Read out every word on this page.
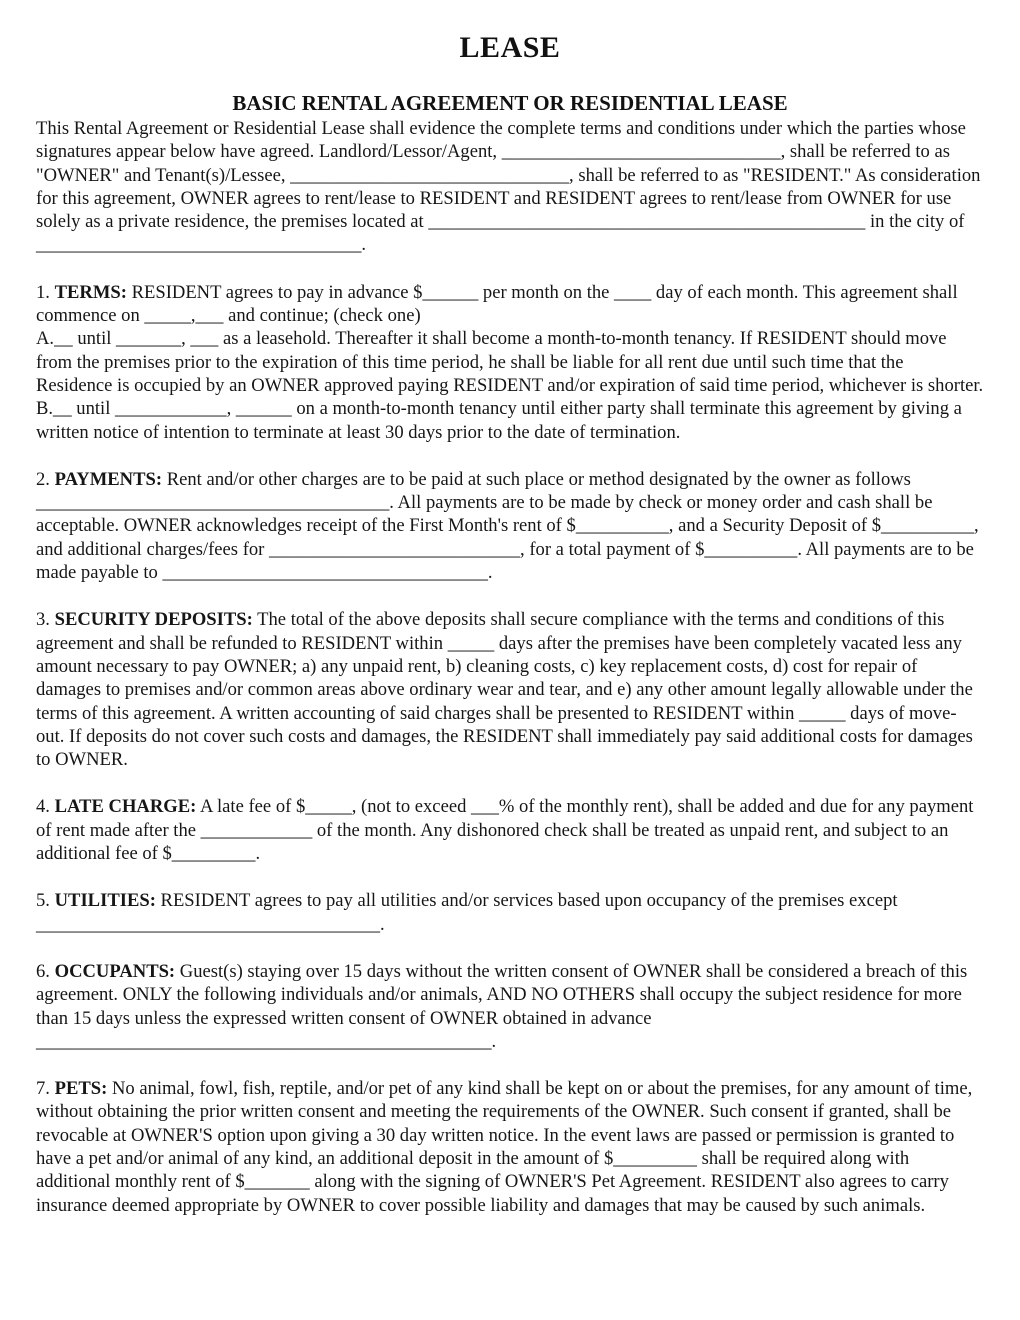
LEASE
BASIC RENTAL AGREEMENT OR RESIDENTIAL LEASE
This Rental Agreement or Residential Lease shall evidence the complete terms and conditions under which the parties whose signatures appear below have agreed. Landlord/Lessor/Agent, ______________________________, shall be referred to as "OWNER" and Tenant(s)/Lessee, ______________________________, shall be referred to as "RESIDENT." As consideration for this agreement, OWNER agrees to rent/lease to RESIDENT and RESIDENT agrees to rent/lease from OWNER for use solely as a private residence, the premises located at _______________________________________________ in the city of ___________________________________.
1. TERMS: RESIDENT agrees to pay in advance $______ per month on the ____ day of each month. This agreement shall commence on _____,___ and continue; (check one)
A.__ until _______, ___ as a leasehold. Thereafter it shall become a month-to-month tenancy. If RESIDENT should move from the premises prior to the expiration of this time period, he shall be liable for all rent due until such time that the Residence is occupied by an OWNER approved paying RESIDENT and/or expiration of said time period, whichever is shorter.
B.__ until ____________, ______ on a month-to-month tenancy until either party shall terminate this agreement by giving a written notice of intention to terminate at least 30 days prior to the date of termination.
2. PAYMENTS: Rent and/or other charges are to be paid at such place or method designated by the owner as follows ______________________________________. All payments are to be made by check or money order and cash shall be acceptable. OWNER acknowledges receipt of the First Month's rent of $__________, and a Security Deposit of $__________, and additional charges/fees for ___________________________, for a total payment of $__________. All payments are to be made payable to ___________________________________.
3. SECURITY DEPOSITS: The total of the above deposits shall secure compliance with the terms and conditions of this agreement and shall be refunded to RESIDENT within _____ days after the premises have been completely vacated less any amount necessary to pay OWNER; a) any unpaid rent, b) cleaning costs, c) key replacement costs, d) cost for repair of damages to premises and/or common areas above ordinary wear and tear, and e) any other amount legally allowable under the terms of this agreement. A written accounting of said charges shall be presented to RESIDENT within _____ days of move-out. If deposits do not cover such costs and damages, the RESIDENT shall immediately pay said additional costs for damages to OWNER.
4. LATE CHARGE: A late fee of $_____, (not to exceed ___% of the monthly rent), shall be added and due for any payment of rent made after the ____________ of the month. Any dishonored check shall be treated as unpaid rent, and subject to an additional fee of $_________.
5. UTILITIES: RESIDENT agrees to pay all utilities and/or services based upon occupancy of the premises except _____________________________________.
6. OCCUPANTS: Guest(s) staying over 15 days without the written consent of OWNER shall be considered a breach of this agreement. ONLY the following individuals and/or animals, AND NO OTHERS shall occupy the subject residence for more than 15 days unless the expressed written consent of OWNER obtained in advance _________________________________________________.
7. PETS: No animal, fowl, fish, reptile, and/or pet of any kind shall be kept on or about the premises, for any amount of time, without obtaining the prior written consent and meeting the requirements of the OWNER. Such consent if granted, shall be revocable at OWNER'S option upon giving a 30 day written notice. In the event laws are passed or permission is granted to have a pet and/or animal of any kind, an additional deposit in the amount of $_________ shall be required along with additional monthly rent of $_______ along with the signing of OWNER'S Pet Agreement. RESIDENT also agrees to carry insurance deemed appropriate by OWNER to cover possible liability and damages that may be caused by such animals.
